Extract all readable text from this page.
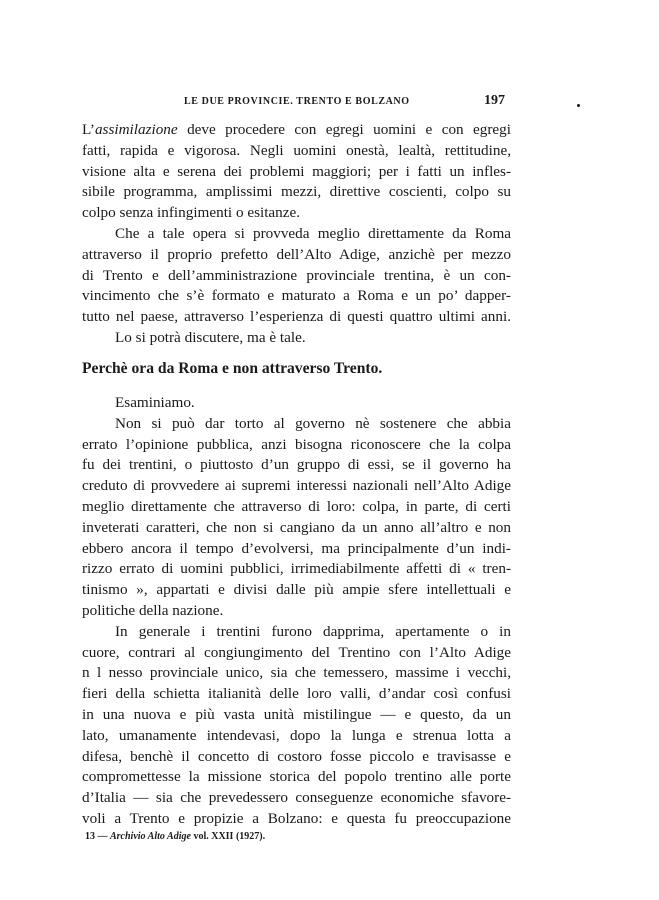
LE DUE PROVINCIE. TRENTO E BOLZANO	197
L’assimilazione deve procedere con egregi uomini e con egregi
fatti, rapida e vigorosa. Negli uomini onestà, lealtà, rettitudine,
visione alta e serena dei problemi maggiori; per i fatti un infles-
sibile programma, amplissimi mezzi, direttive coscienti, colpo su
colpo senza infingimenti o esitanze.
Che a tale opera si provveda meglio direttamente da Roma
attraverso il proprio prefetto dell’Alto Adige, anzichè per mezzo
di Trento e dell’amministrazione provinciale trentina, è un con-
vincimento che s’è formato e maturato a Roma e un po’ dapper-
tutto nel paese, attraverso l’esperienza di questi quattro ultimi anni.
Lo si potrà discutere, ma è tale.
Perchè ora da Roma e non attraverso Trento.
Esaminiamo.
Non si può dar torto al governo nè sostenere che abbia
errato l’opinione pubblica, anzi bisogna riconoscere che la colpa
fu dei trentini, o piuttosto d’un gruppo di essi, se il governo ha
creduto di provvedere ai supremi interessi nazionali nell’Alto Adige
meglio direttamente che attraverso di loro: colpa, in parte, di certi
inveterati caratteri, che non si cangiano da un anno all’altro e non
ebbero ancora il tempo d’evolversi, ma principalmente d’un indi-
rizzo errato di uomini pubblici, irrimediabilmente affetti di « tren-
tinismo », appartati e divisi dalle più ampie sfere intellettuali e
politiche della nazione.
In generale i trentini furono dapprima, apertamente o in
cuore, contrari al congiungimento del Trentino con l’Alto Adige
n l nesso provinciale unico, sia che temessero, massime i vecchi,
fieri della schietta italianità delle loro valli, d’andar così confusi
in una nuova e più vasta unità mistilingue — e questo, da un
lato, umanamente intendevasi, dopo la lunga e strenua lotta a
difesa, benchè il concetto di costoro fosse piccolo e travisasse e
compromettesse la missione storica del popolo trentino alle porte
d’Italia — sia che prevedessero conseguenze economiche sfavore-
voli a Trento e propizie a Bolzano: e questa fu preoccupazione
13 — Archivio Alto Adige vol. XXII (1927).
